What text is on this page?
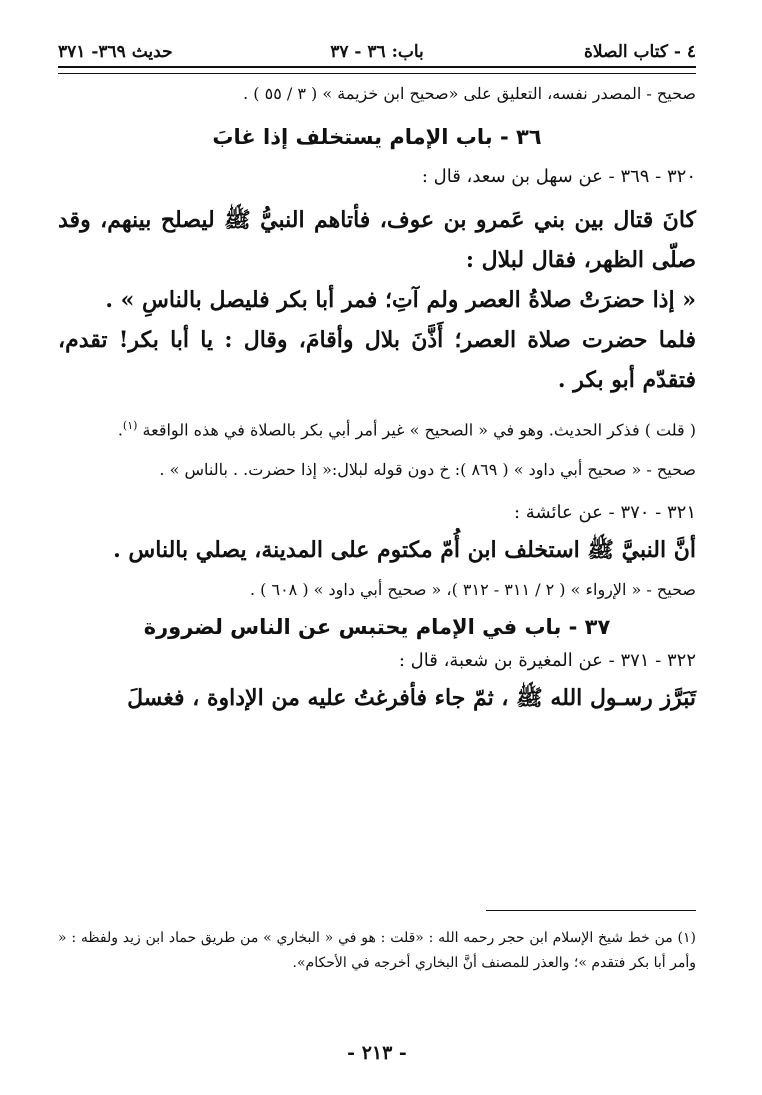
٤ - كتاب الصلاة
باب: ٣٦ - ٣٧
حديث ٣٦٩- ٣٧١

صحيح - المصدر نفسه، التعليق على «صحيح ابن خزيمة » ( ٣ / ٥٥ ) .

٣٦ - باب الإمام يستخلف إذا غابَ

٣٢٠ - ٣٦٩ - عن سهل بن سعد، قال :

كانَ قتال بين بني عَمرو بن عوف، فأتاهم النبيُّ ﷺ ليصلح بينهم، وقد صلّى الظهر، فقال لبلال :

« إذا حضرَتْ صلاةُ العصر ولم آتِ؛ فمر أبا بكر فليصل بالناسِ » .

فلما حضرت صلاة العصر؛ أَذَّنَ بلال وأقامَ، وقال : يا أبا بكر! تقدم، فتقدّم أبو بكر .

( قلت ) فذكر الحديث. وهو في « الصحيح » غير أمر أبي بكر بالصلاة في هذه الواقعة $^{(١)}$.

صحيح - « صحيح أبي داود » ( ٨٦٩ ): خ دون قوله لبلال:« إذا حضرت. . بالناس » .

٣٢١ - ٣٧٠ - عن عائشة :

أنَّ النبيَّ ﷺ استخلف ابن أُمّ مكتوم على المدينة، يصلي بالناس .

صحيح - « الإرواء » ( ٢ / ٣١١ - ٣١٢ )، « صحيح أبي داود » ( ٦٠٨ ) .

٣٧ - باب في الإمام يحتبس عن الناس لضرورة

٣٢٢ - ٣٧١ - عن المغيرة بن شعبة، قال :

تَبَرَّز رسـول الله ﷺ ، ثمّ جاء فأفرغتُ عليه من الإداوة ، فغسلَ

(١) من خط شيخ الإسلام ابن حجر رحمه الله : «قلت : هو في « البخاري » من طريق حماد ابن زيد ولفظه : « وأمر أبا بكر فتقدم »؛ والعذر للمصنف أنَّ البخاري أخرجه في الأحكام».

- ٢١٣ -
